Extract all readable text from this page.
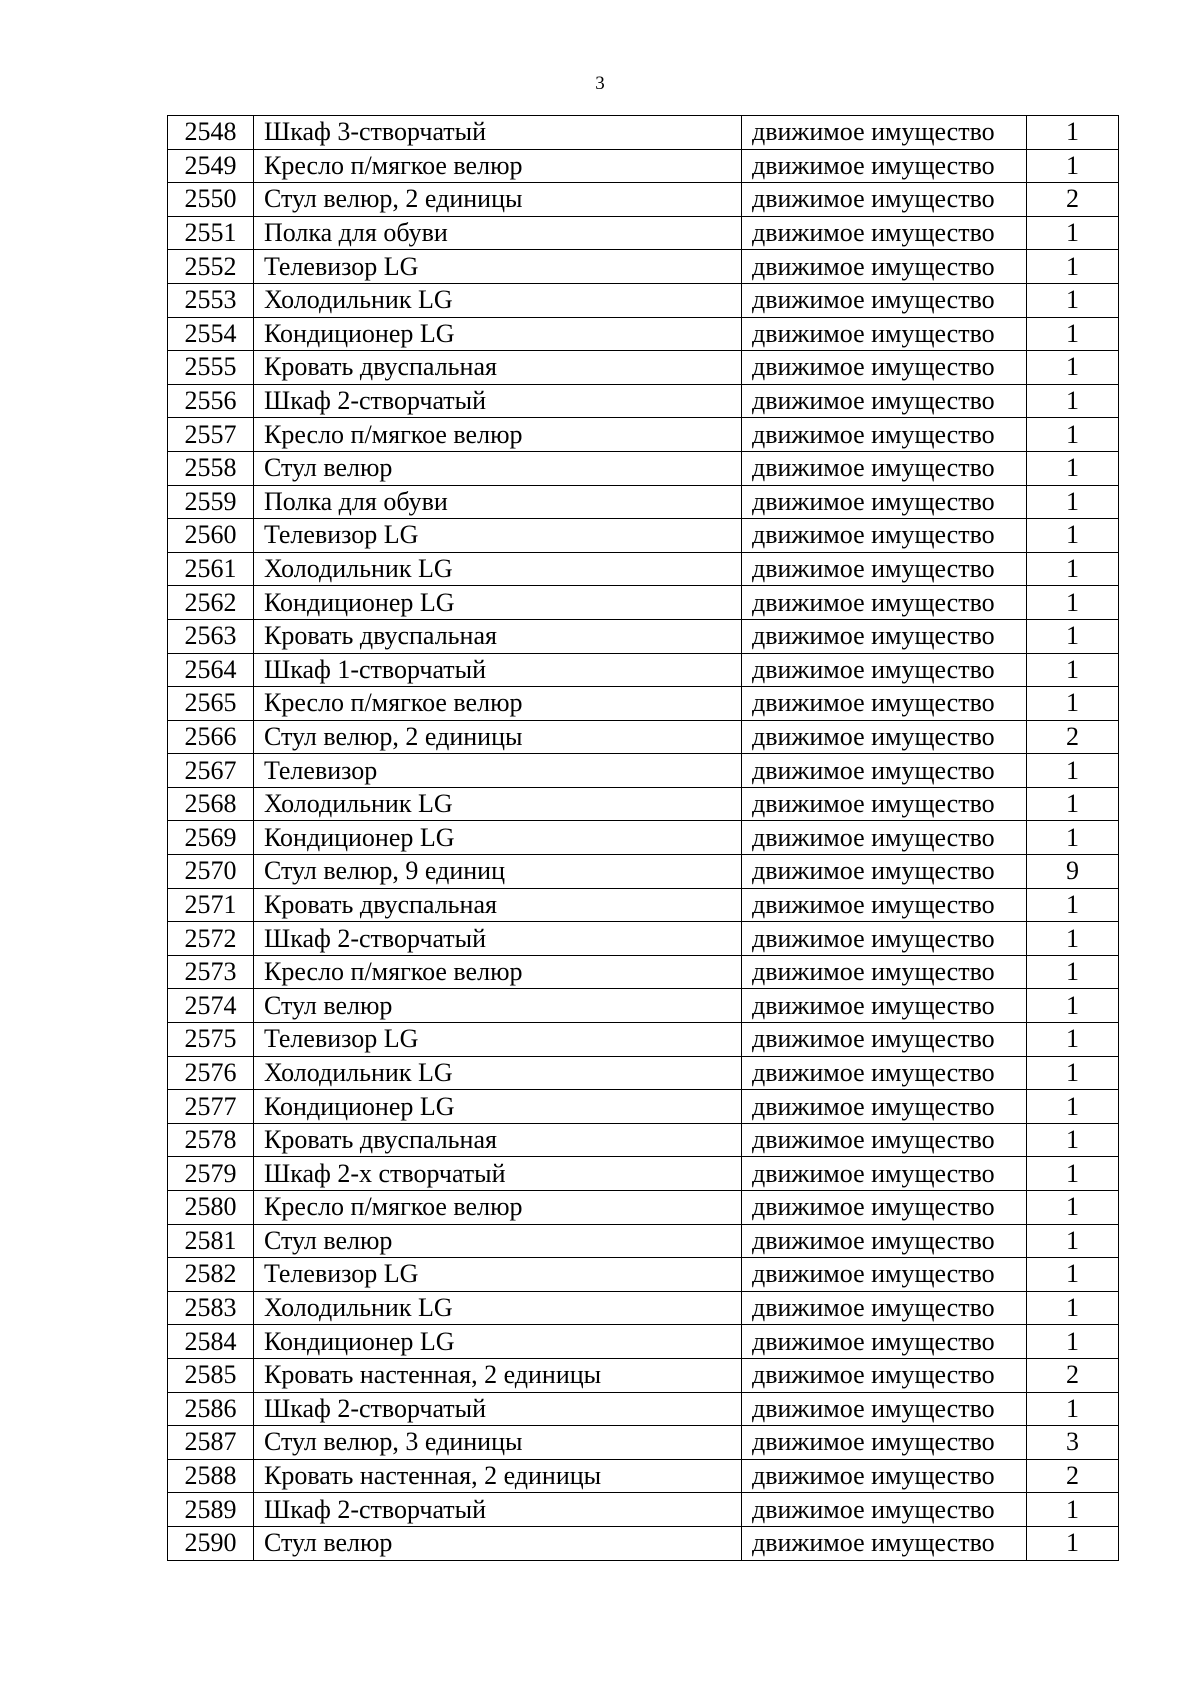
3
2548	Шкаф 3-створчатый	движимое имущество	1
2549	Кресло п/мягкое велюр	движимое имущество	1
2550	Стул велюр, 2 единицы	движимое имущество	2
2551	Полка для обуви	движимое имущество	1
2552	Телевизор LG	движимое имущество	1
2553	Холодильник LG	движимое имущество	1
2554	Кондиционер LG	движимое имущество	1
2555	Кровать двуспальная	движимое имущество	1
2556	Шкаф 2-створчатый	движимое имущество	1
2557	Кресло п/мягкое велюр	движимое имущество	1
2558	Стул велюр	движимое имущество	1
2559	Полка для обуви	движимое имущество	1
2560	Телевизор LG	движимое имущество	1
2561	Холодильник LG	движимое имущество	1
2562	Кондиционер LG	движимое имущество	1
2563	Кровать двуспальная	движимое имущество	1
2564	Шкаф 1-створчатый	движимое имущество	1
2565	Кресло п/мягкое велюр	движимое имущество	1
2566	Стул велюр, 2 единицы	движимое имущество	2
2567	Телевизор	движимое имущество	1
2568	Холодильник LG	движимое имущество	1
2569	Кондиционер LG	движимое имущество	1
2570	Стул велюр, 9 единиц	движимое имущество	9
2571	Кровать двуспальная	движимое имущество	1
2572	Шкаф 2-створчатый	движимое имущество	1
2573	Кресло п/мягкое велюр	движимое имущество	1
2574	Стул велюр	движимое имущество	1
2575	Телевизор LG	движимое имущество	1
2576	Холодильник LG	движимое имущество	1
2577	Кондиционер LG	движимое имущество	1
2578	Кровать двуспальная	движимое имущество	1
2579	Шкаф 2-х створчатый	движимое имущество	1
2580	Кресло п/мягкое велюр	движимое имущество	1
2581	Стул велюр	движимое имущество	1
2582	Телевизор LG	движимое имущество	1
2583	Холодильник LG	движимое имущество	1
2584	Кондиционер LG	движимое имущество	1
2585	Кровать настенная, 2 единицы	движимое имущество	2
2586	Шкаф 2-створчатый	движимое имущество	1
2587	Стул велюр, 3 единицы	движимое имущество	3
2588	Кровать настенная, 2 единицы	движимое имущество	2
2589	Шкаф 2-створчатый	движимое имущество	1
2590	Стул велюр	движимое имущество	1
